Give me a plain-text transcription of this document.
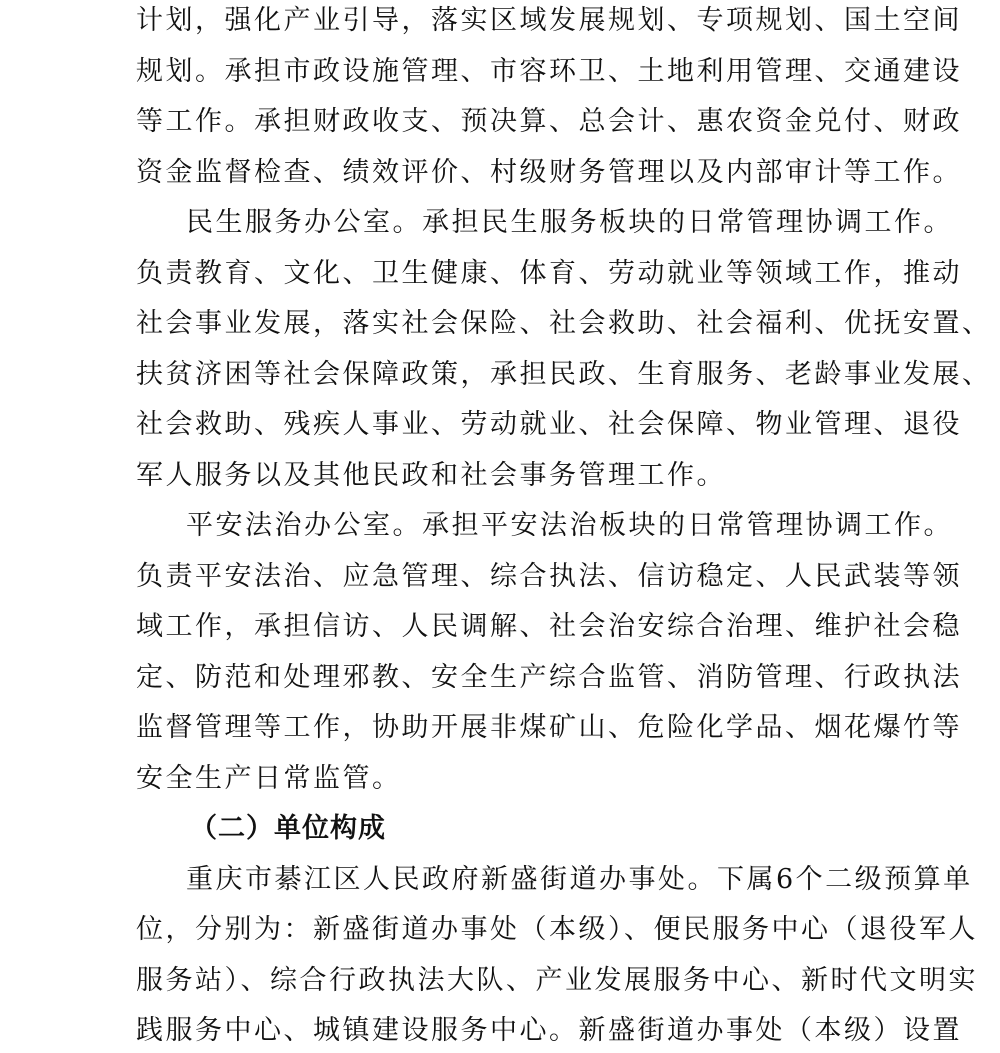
计划，强化产业引导，落实区域发展规划、专项规划、国土空间
规划。承担市政设施管理、市容环卫、土地利用管理、交通建设
等工作。承担财政收支、预决算、总会计、惠农资金兑付、财政
资金监督检查、绩效评价、村级财务管理以及内部审计等工作。
民生服务办公室。承担民生服务板块的日常管理协调工作。
负责教育、文化、卫生健康、体育、劳动就业等领域工作，推动
社会事业发展，落实社会保险、社会救助、社会福利、优抚安置、
扶贫济困等社会保障政策，承担民政、生育服务、老龄事业发展、
社会救助、残疾人事业、劳动就业、社会保障、物业管理、退役
军人服务以及其他民政和社会事务管理工作。
平安法治办公室。承担平安法治板块的日常管理协调工作。
负责平安法治、应急管理、综合执法、信访稳定、人民武装等领
域工作，承担信访、人民调解、社会治安综合治理、维护社会稳
定、防范和处理邪教、安全生产综合监管、消防管理、行政执法
监督管理等工作，协助开展非煤矿山、危险化学品、烟花爆竹等
安全生产日常监管。
（二）单位构成
重庆市綦江区人民政府新盛街道办事处。下属6个二级预算单
位，分别为：新盛街道办事处（本级）、便民服务中心（退役军人
服务站）、综合行政执法大队、产业发展服务中心、新时代文明实
践服务中心、城镇建设服务中心。新盛街道办事处（本级）设置
